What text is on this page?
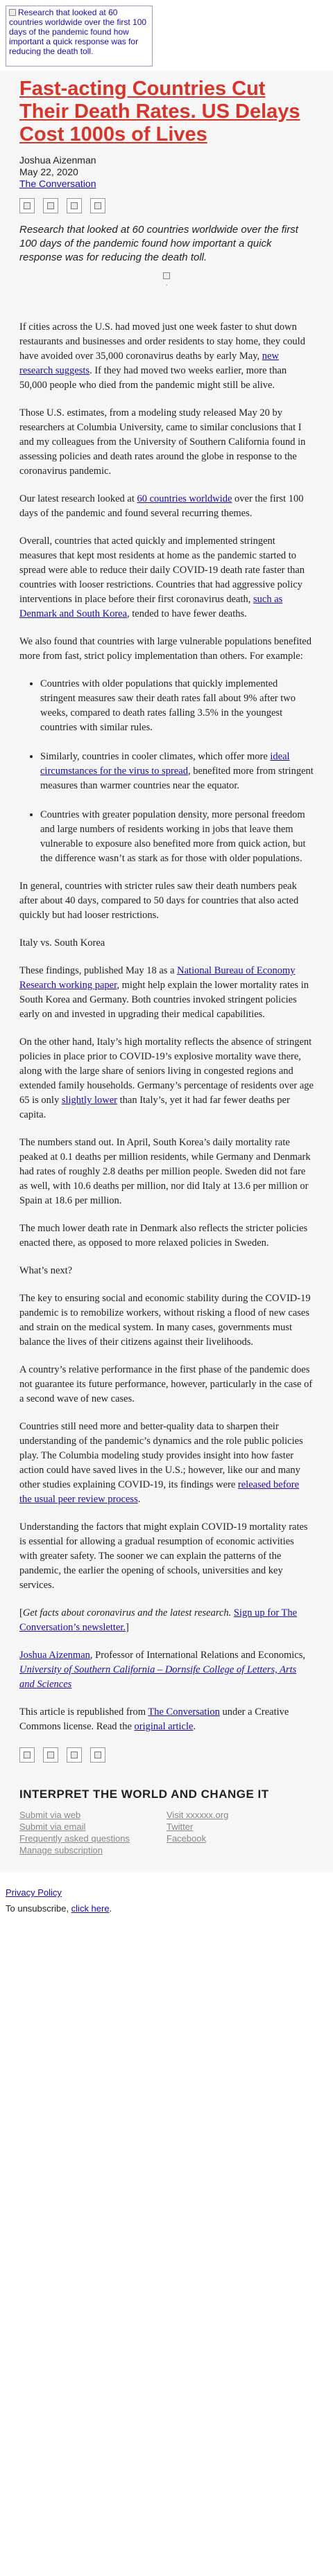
Research that looked at 60 countries worldwide over the first 100 days of the pandemic found how important a quick response was for reducing the death toll.
Fast-acting Countries Cut Their Death Rates. US Delays Cost 1000s of Lives
Joshua Aizenman
May 22, 2020
The Conversation

Research that looked at 60 countries worldwide over the first 100 days of the pandemic found how important a quick response was for reducing the death toll.

·

If cities across the U.S. had moved just one week faster to shut down restaurants and businesses and order residents to stay home, they could have avoided over 35,000 coronavirus deaths by early May, new research suggests. If they had moved two weeks earlier, more than 50,000 people who died from the pandemic might still be alive.

Those U.S. estimates, from a modeling study released May 20 by researchers at Columbia University, came to similar conclusions that I and my colleagues from the University of Southern California found in assessing policies and death rates around the globe in response to the coronavirus pandemic.

Our latest research looked at 60 countries worldwide over the first 100 days of the pandemic and found several recurring themes.

Overall, countries that acted quickly and implemented stringent measures that kept most residents at home as the pandemic started to spread were able to reduce their daily COVID-19 death rate faster than countries with looser restrictions. Countries that had aggressive policy interventions in place before their first coronavirus death, such as Denmark and South Korea, tended to have fewer deaths.

We also found that countries with large vulnerable populations benefited more from fast, strict policy implementation than others. For example:

• Countries with older populations that quickly implemented stringent measures saw their death rates fall about 9% after two weeks, compared to death rates falling 3.5% in the youngest countries with similar rules.
• Similarly, countries in cooler climates, which offer more ideal circumstances for the virus to spread, benefited more from stringent measures than warmer countries near the equator.
• Countries with greater population density, more personal freedom and large numbers of residents working in jobs that leave them vulnerable to exposure also benefited more from quick action, but the difference wasn’t as stark as for those with older populations.

In general, countries with stricter rules saw their death numbers peak after about 40 days, compared to 50 days for countries that also acted quickly but had looser restrictions.

Italy vs. South Korea

These findings, published May 18 as a National Bureau of Economy Research working paper, might help explain the lower mortality rates in South Korea and Germany. Both countries invoked stringent policies early on and invested in upgrading their medical capabilities.

On the other hand, Italy’s high mortality reflects the absence of stringent policies in place prior to COVID-19’s explosive mortality wave there, along with the large share of seniors living in congested regions and extended family households. Germany’s percentage of residents over age 65 is only slightly lower than Italy’s, yet it had far fewer deaths per capita.

The numbers stand out. In April, South Korea’s daily mortality rate peaked at 0.1 deaths per million residents, while Germany and Denmark had rates of roughly 2.8 deaths per million people. Sweden did not fare as well, with 10.6 deaths per million, nor did Italy at 13.6 per million or Spain at 18.6 per million.

The much lower death rate in Denmark also reflects the stricter policies enacted there, as opposed to more relaxed policies in Sweden.

What’s next?

The key to ensuring social and economic stability during the COVID-19 pandemic is to remobilize workers, without risking a flood of new cases and strain on the medical system. In many cases, governments must balance the lives of their citizens against their livelihoods.

A country’s relative performance in the first phase of the pandemic does not guarantee its future performance, however, particularly in the case of a second wave of new cases.

Countries still need more and better-quality data to sharpen their understanding of the pandemic’s dynamics and the role public policies play. The Columbia modeling study provides insight into how faster action could have saved lives in the U.S.; however, like our and many other studies explaining COVID-19, its findings were released before the usual peer review process.

Understanding the factors that might explain COVID-19 mortality rates is essential for allowing a gradual resumption of economic activities with greater safety. The sooner we can explain the patterns of the pandemic, the earlier the opening of schools, universities and key services.

[Get facts about coronavirus and the latest research. Sign up for The Conversation’s newsletter.]

Joshua Aizenman, Professor of International Relations and Economics, University of Southern California – Dornsife College of Letters, Arts and Sciences

This article is republished from The Conversation under a Creative Commons license. Read the original article.

INTERPRET THE WORLD AND CHANGE IT
Submit via web	Visit xxxxxx.org
Submit via email	Twitter
Frequently asked questions	Facebook
Manage subscription

Privacy Policy

To unsubscribe, click here.
